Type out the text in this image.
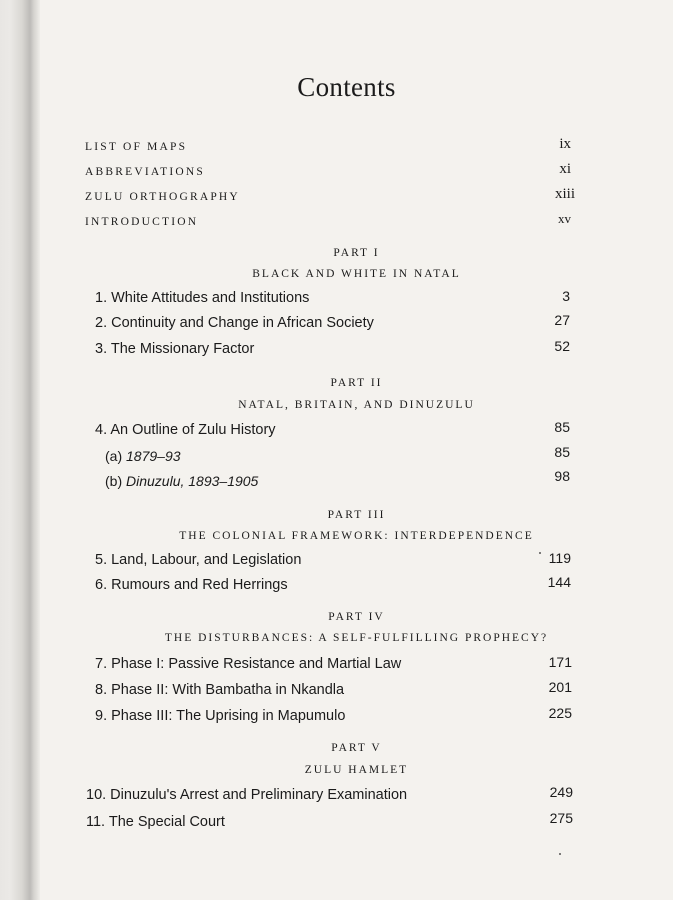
Contents
LIST OF MAPS	ix
ABBREVIATIONS	xi
ZULU ORTHOGRAPHY	xiii
INTRODUCTION	xv
PART I
BLACK AND WHITE IN NATAL
1. White Attitudes and Institutions	3
2. Continuity and Change in African Society	27
3. The Missionary Factor	52
PART II
NATAL, BRITAIN, AND DINUZULU
4. An Outline of Zulu History	85
(a) 1879–93	85
(b) Dinuzulu, 1893–1905	98
PART III
THE COLONIAL FRAMEWORK: INTERDEPENDENCE
5. Land, Labour, and Legislation	119
6. Rumours and Red Herrings	144
PART IV
THE DISTURBANCES: A SELF-FULFILLING PROPHECY?
7. Phase I: Passive Resistance and Martial Law	171
8. Phase II: With Bambatha in Nkandla	201
9. Phase III: The Uprising in Mapumulo	225
PART V
ZULU HAMLET
10. Dinuzulu's Arrest and Preliminary Examination	249
11. The Special Court	275
